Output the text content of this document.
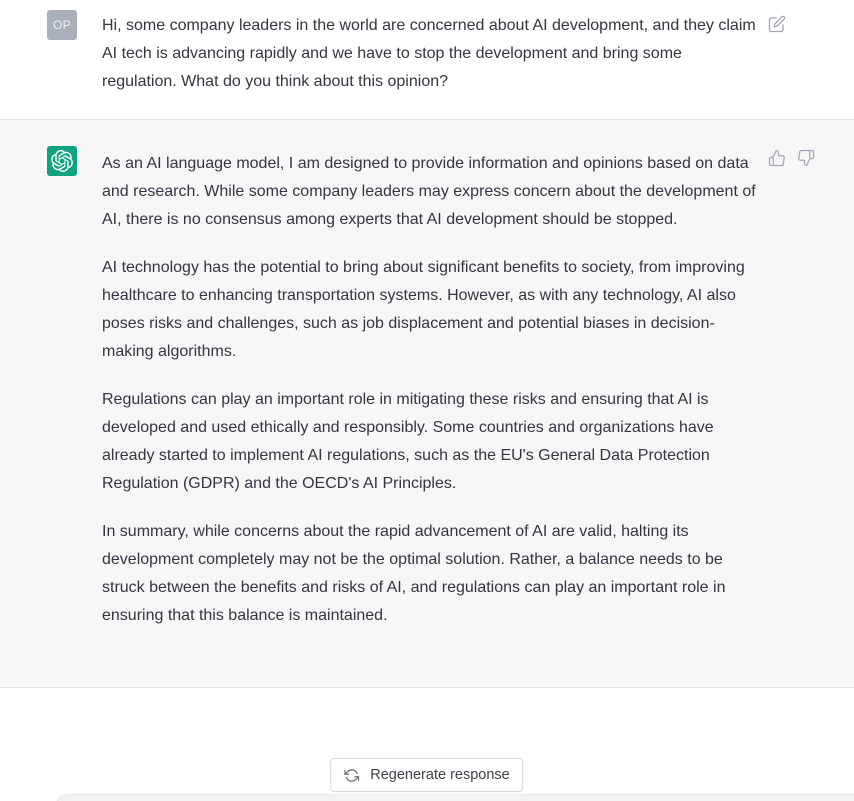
OP	Hi, some company leaders in the world are concerned about AI development, and they claim AI tech is advancing rapidly and we have to stop the development and bring some regulation. What do you think about this opinion?

As an AI language model, I am designed to provide information and opinions based on data and research. While some company leaders may express concern about the development of AI, there is no consensus among experts that AI development should be stopped.

AI technology has the potential to bring about significant benefits to society, from improving healthcare to enhancing transportation systems. However, as with any technology, AI also poses risks and challenges, such as job displacement and potential biases in decision-making algorithms.

Regulations can play an important role in mitigating these risks and ensuring that AI is developed and used ethically and responsibly. Some countries and organizations have already started to implement AI regulations, such as the EU's General Data Protection Regulation (GDPR) and the OECD's AI Principles.

In summary, while concerns about the rapid advancement of AI are valid, halting its development completely may not be the optimal solution. Rather, a balance needs to be struck between the benefits and risks of AI, and regulations can play an important role in ensuring that this balance is maintained.

Regenerate response
